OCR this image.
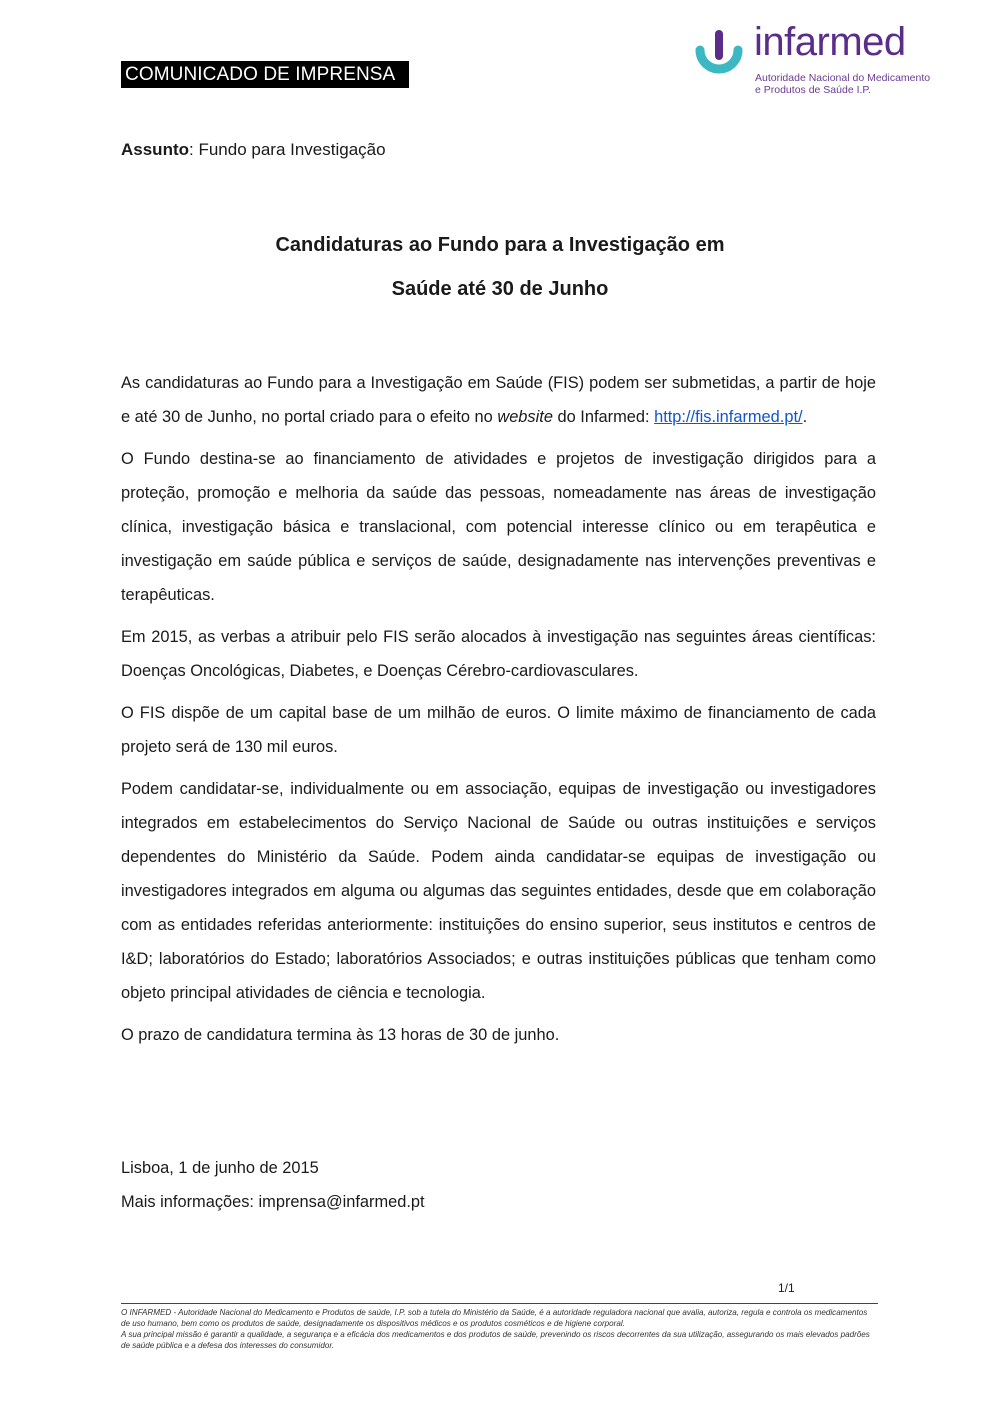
COMUNICADO DE IMPRENSA
infarmed
Autoridade Nacional do Medicamento
e Produtos de Saúde I.P.
Assunto: Fundo para Investigação
Candidaturas ao Fundo para a Investigação em
Saúde até 30 de Junho

As candidaturas ao Fundo para a Investigação em Saúde (FIS) podem ser submetidas, a partir de hoje e até 30 de Junho, no portal criado para o efeito no website do Infarmed: http://fis.infarmed.pt/.

O Fundo destina-se ao financiamento de atividades e projetos de investigação dirigidos para a proteção, promoção e melhoria da saúde das pessoas, nomeadamente nas áreas de investigação clínica, investigação básica e translacional, com potencial interesse clínico ou em terapêutica e investigação em saúde pública e serviços de saúde, designadamente nas intervenções preventivas e terapêuticas.

Em 2015, as verbas a atribuir pelo FIS serão alocados à investigação nas seguintes áreas científicas: Doenças Oncológicas, Diabetes, e Doenças Cérebro-cardiovasculares.

O FIS dispõe de um capital base de um milhão de euros. O limite máximo de financiamento de cada projeto será de 130 mil euros.

Podem candidatar-se, individualmente ou em associação, equipas de investigação ou investigadores integrados em estabelecimentos do Serviço Nacional de Saúde ou outras instituições e serviços dependentes do Ministério da Saúde. Podem ainda candidatar-se equipas de investigação ou investigadores integrados em alguma ou algumas das seguintes entidades, desde que em colaboração com as entidades referidas anteriormente: instituições do ensino superior, seus institutos e centros de I&D; laboratórios do Estado; laboratórios Associados; e outras instituições públicas que tenham como objeto principal atividades de ciência e tecnologia.

O prazo de candidatura termina às 13 horas de 30 de junho.

Lisboa, 1 de junho de 2015
Mais informações: imprensa@infarmed.pt
1/1

O INFARMED - Autoridade Nacional do Medicamento e Produtos de saúde, I.P. sob a tutela do Ministério da Saúde, é a autoridade reguladora nacional que avalia, autoriza, regula e controla os medicamentos de uso humano, bem como os produtos de saúde, designadamente os dispositivos médicos e os produtos cosméticos e de higiene corporal.

A sua principal missão é garantir a qualidade, a segurança e a eficácia dos medicamentos e dos produtos de saúde, prevenindo os riscos decorrentes da sua utilização, assegurando os mais elevados padrões de saúde pública e a defesa dos interesses do consumidor.
